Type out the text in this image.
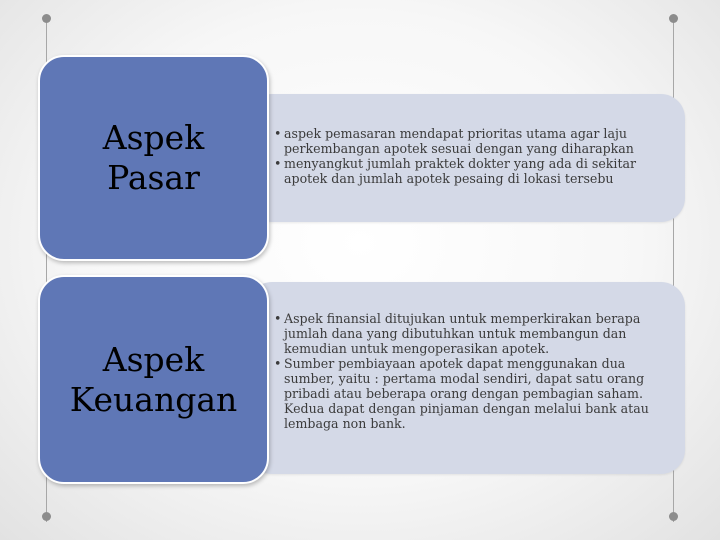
• aspek pemasaran mendapat prioritas utama agar laju perkembangan apotek sesuai dengan yang diharapkan
• menyangkut jumlah praktek dokter yang ada di sekitar apotek dan jumlah apotek pesaing di lokasi tersebu
Aspek
Pasar
• Aspek finansial ditujukan untuk memperkirakan berapa jumlah dana yang dibutuhkan untuk membangun dan kemudian untuk mengoperasikan apotek.
• Sumber pembiayaan apotek dapat menggunakan dua sumber, yaitu : pertama modal sendiri, dapat satu orang pribadi atau beberapa orang dengan pembagian saham. Kedua dapat dengan pinjaman dengan melalui bank atau lembaga non bank.
Aspek
Keuangan
